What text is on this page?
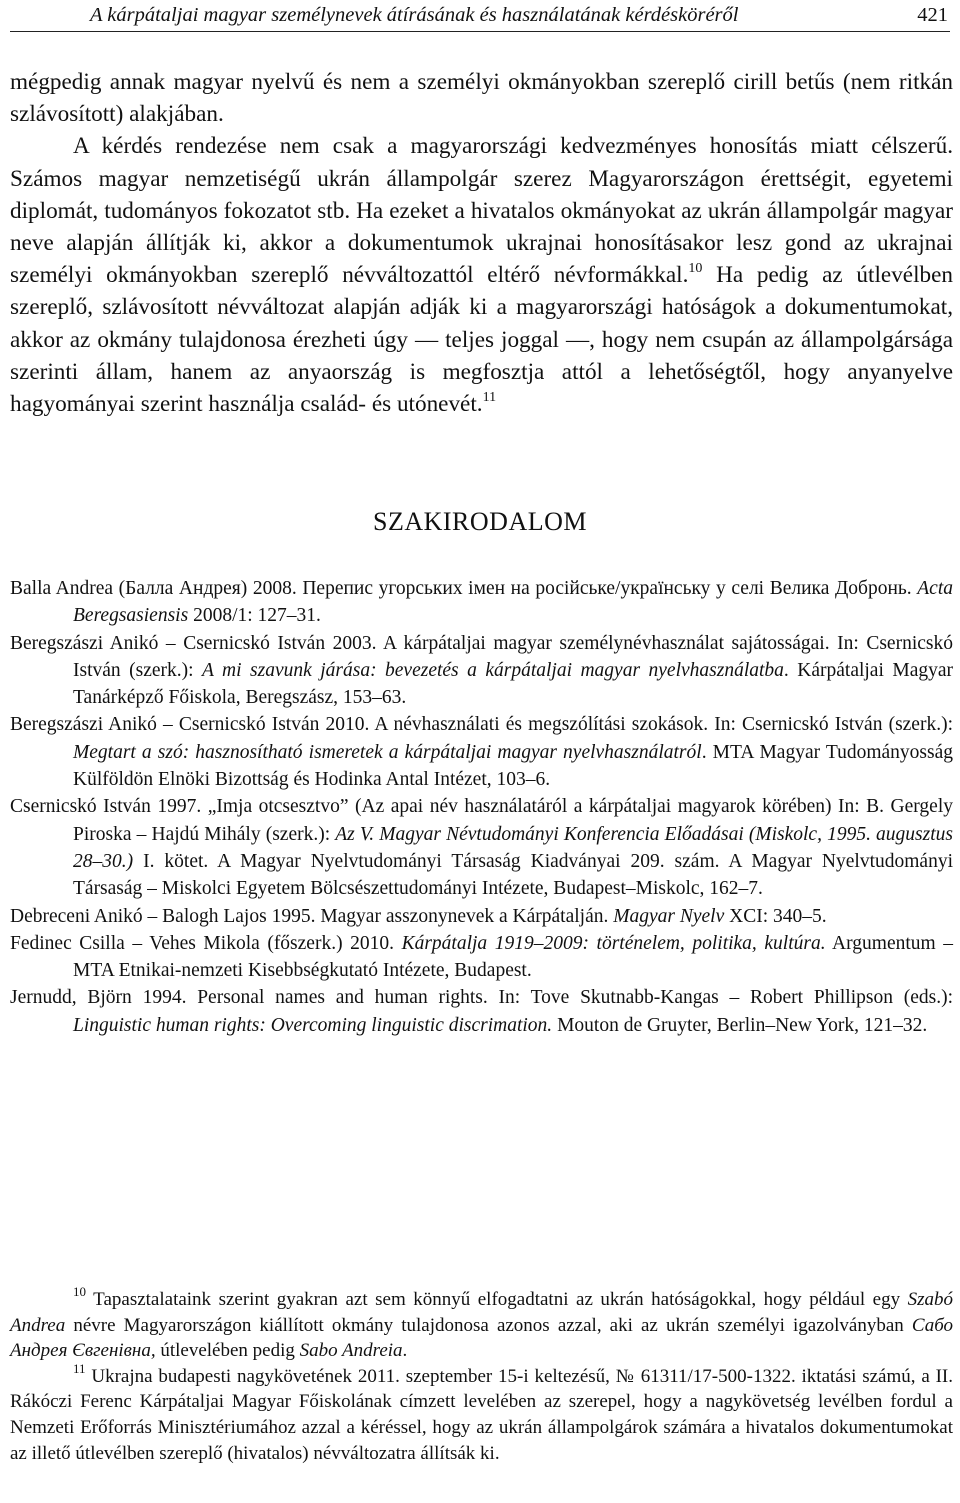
A kárpátaljai magyar személynevek átírásának és használatának kérdésköréről	421

mégpedig annak magyar nyelvű és nem a személyi okmányokban szereplő cirill betűs (nem ritkán szlávosított) alakjában.

A kérdés rendezése nem csak a magyarországi kedvezményes honosítás miatt célszerű. Számos magyar nemzetiségű ukrán állampolgár szerez Magyarországon érettségit, egyetemi diplomát, tudományos fokozatot stb. Ha ezeket a hivatalos okmányokat az ukrán állampolgár magyar neve alapján állítják ki, akkor a dokumentumok ukrajnai honosításakor lesz gond az ukrajnai személyi okmányokban szereplő névváltozattól eltérő névformákkal.$^{10}$ Ha pedig az útlevélben szereplő, szlávosított névváltozat alapján adják ki a magyarországi hatóságok a dokumentumokat, akkor az okmány tulajdonosa érezheti úgy — teljes joggal —, hogy nem csupán az állampolgársága szerinti állam, hanem az anyaország is megfosztja attól a lehetőségtől, hogy anyanyelve hagyományai szerint használja család- és utónevét.$^{11}$

SZAKIRODALOM

Balla Andrea (Балла Андрея) 2008. Перепис угорських імен на російське/українську у селі Велика Добронь. Acta Beregsasiensis 2008/1: 127–31.

Beregszászi Anikó – Csernicskó István 2003. A kárpátaljai magyar személynévhasználat sajátosságai. In: Csernicskó István (szerk.): A mi szavunk járása: bevezetés a kárpátaljai magyar nyelvhasználatba. Kárpátaljai Magyar Tanárképző Főiskola, Beregszász, 153–63.

Beregszászi Anikó – Csernicskó István 2010. A névhasználati és megszólítási szokások. In: Csernicskó István (szerk.): Megtart a szó: hasznosítható ismeretek a kárpátaljai magyar nyelvhasználatról. MTA Magyar Tudományosság Külföldön Elnöki Bizottság és Hodinka Antal Intézet, 103–6.

Csernicskó István 1997. „Imja otcsesztvo” (Az apai név használatáról a kárpátaljai magyarok körében) In: B. Gergely Piroska – Hajdú Mihály (szerk.): Az V. Magyar Névtudományi Konferencia Előadásai (Miskolc, 1995. augusztus 28–30.) I. kötet. A Magyar Nyelvtudományi Társaság Kiadványai 209. szám. A Magyar Nyelvtudományi Társaság – Miskolci Egyetem Bölcsészettudományi Intézete, Budapest–Miskolc, 162–7.

Debreceni Anikó – Balogh Lajos 1995. Magyar asszonynevek a Kárpátalján. Magyar Nyelv XCI: 340–5.

Fedinec Csilla – Vehes Mikola (főszerk.) 2010. Kárpátalja 1919–2009: történelem, politika, kultúra. Argumentum – MTA Etnikai-nemzeti Kisebbségkutató Intézete, Budapest.

Jernudd, Björn 1994. Personal names and human rights. In: Tove Skutnabb-Kangas – Robert Phillipson (eds.): Linguistic human rights: Overcoming linguistic discrimation. Mouton de Gruyter, Berlin–New York, 121–32.

$^{10}$ Tapasztalataink szerint gyakran azt sem könnyű elfogadtatni az ukrán hatóságokkal, hogy például egy Szabó Andrea névre Magyarországon kiállított okmány tulajdonosa azonos azzal, aki az ukrán személyi igazolványban Сабо Андрея Євгенівна, útlevelében pedig Sabo Andreia.

$^{11}$ Ukrajna budapesti nagykövetének 2011. szeptember 15-i keltezésű, № 61311/17-500-1322. iktatási számú, a II. Rákóczi Ferenc Kárpátaljai Magyar Főiskolának címzett levelében az szerepel, hogy a nagykövetség levélben fordul a Nemzeti Erőforrás Minisztériumához azzal a kéréssel, hogy az ukrán állampolgárok számára a hivatalos dokumentumokat az illető útlevélben szereplő (hivatalos) névváltozatra állítsák ki.
